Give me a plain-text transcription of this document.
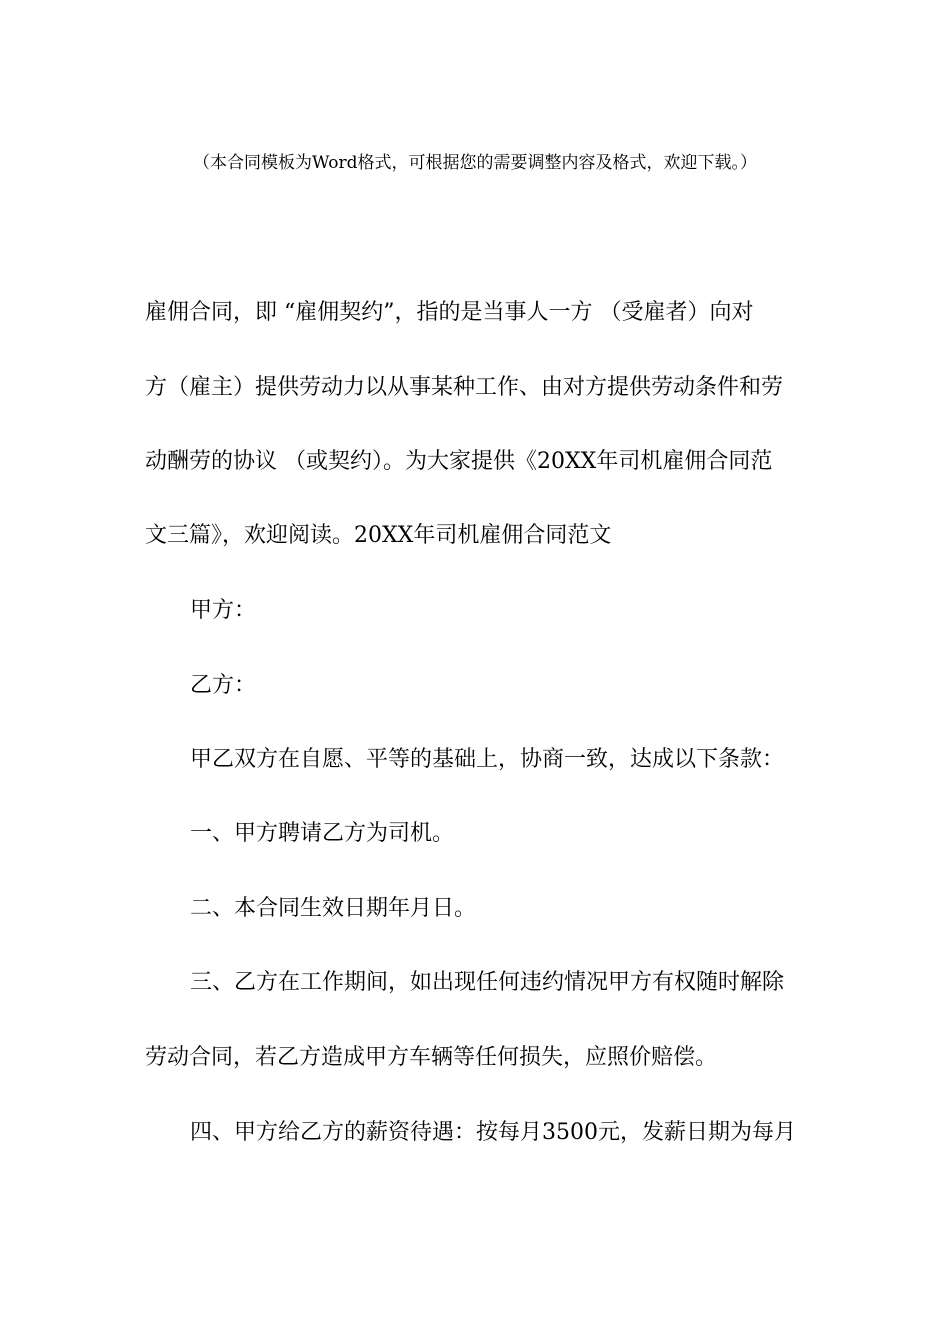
（本合同模板为Word格式，可根据您的需要调整内容及格式，欢迎下载。）
雇佣合同，即 “雇佣契约”，指的是当事人一方 （受雇者）向对
方（雇主）提供劳动力以从事某种工作、由对方提供劳动条件和劳
动酬劳的协议 （或契约）。为大家提供《20XX年司机雇佣合同范
文三篇》，欢迎阅读。20XX年司机雇佣合同范文
甲方：
乙方：
甲乙双方在自愿、平等的基础上，协商一致，达成以下条款：
一、甲方聘请乙方为司机。
二、本合同生效日期年月日。
三、乙方在工作期间，如出现任何违约情况甲方有权随时解除
劳动合同，若乙方造成甲方车辆等任何损失，应照价赔偿。
四、甲方给乙方的薪资待遇：按每月3500元，发薪日期为每月
